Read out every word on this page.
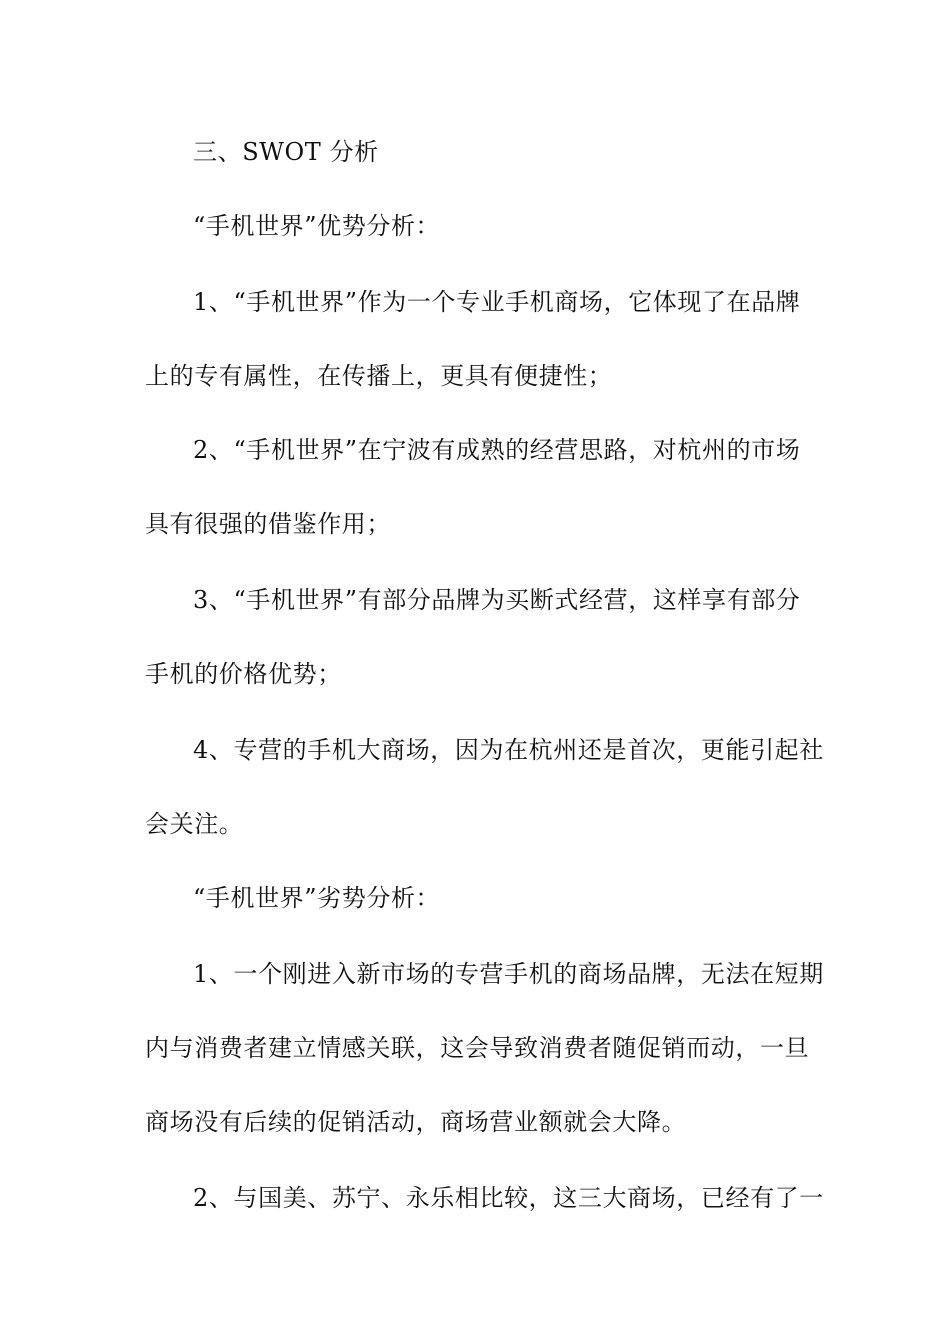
三、SWOT 分析
“手机世界”优势分析：
1、“手机世界”作为一个专业手机商场，它体现了在品牌
上的专有属性，在传播上，更具有便捷性；
2、“手机世界”在宁波有成熟的经营思路，对杭州的市场
具有很强的借鉴作用；
3、“手机世界”有部分品牌为买断式经营，这样享有部分
手机的价格优势；
4、专营的手机大商场，因为在杭州还是首次，更能引起社
会关注。
“手机世界”劣势分析：
1、一个刚进入新市场的专营手机的商场品牌，无法在短期
内与消费者建立情感关联，这会导致消费者随促销而动，一旦
商场没有后续的促销活动，商场营业额就会大降。
2、与国美、苏宁、永乐相比较，这三大商场，已经有了一
